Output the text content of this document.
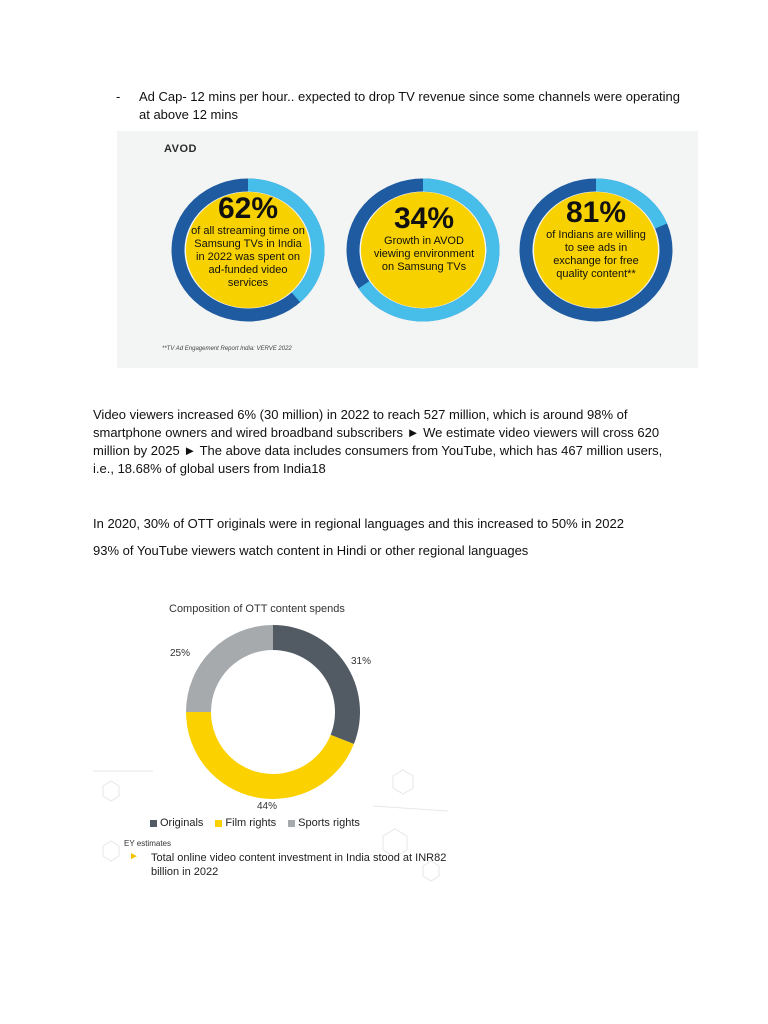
- Ad Cap- 12 mins per hour.. expected to drop TV revenue since some channels were operating at above 12 mins
AVOD
62%
of all streaming time on Samsung TVs in India in 2022 was spent on ad-funded video services
34%
Growth in AVOD viewing environment on Samsung TVs
81%
of Indians are willing to see ads in exchange for free quality content**
**TV Ad Engagement Report India: VERVE 2022
Video viewers increased 6% (30 million) in 2022 to reach 527 million, which is around 98% of smartphone owners and wired broadband subscribers ► We estimate video viewers will cross 620 million by 2025 ► The above data includes consumers from YouTube, which has 467 million users, i.e., 18.68% of global users from India18
In 2020, 30% of OTT originals were in regional languages and this increased to 50% in 2022
93% of YouTube viewers watch content in Hindi or other regional languages
Composition of OTT content spends
31%
44%
25%
Originals Film rights Sports rights
EY estimates
► Total online video content investment in India stood at INR82 billion in 2022
